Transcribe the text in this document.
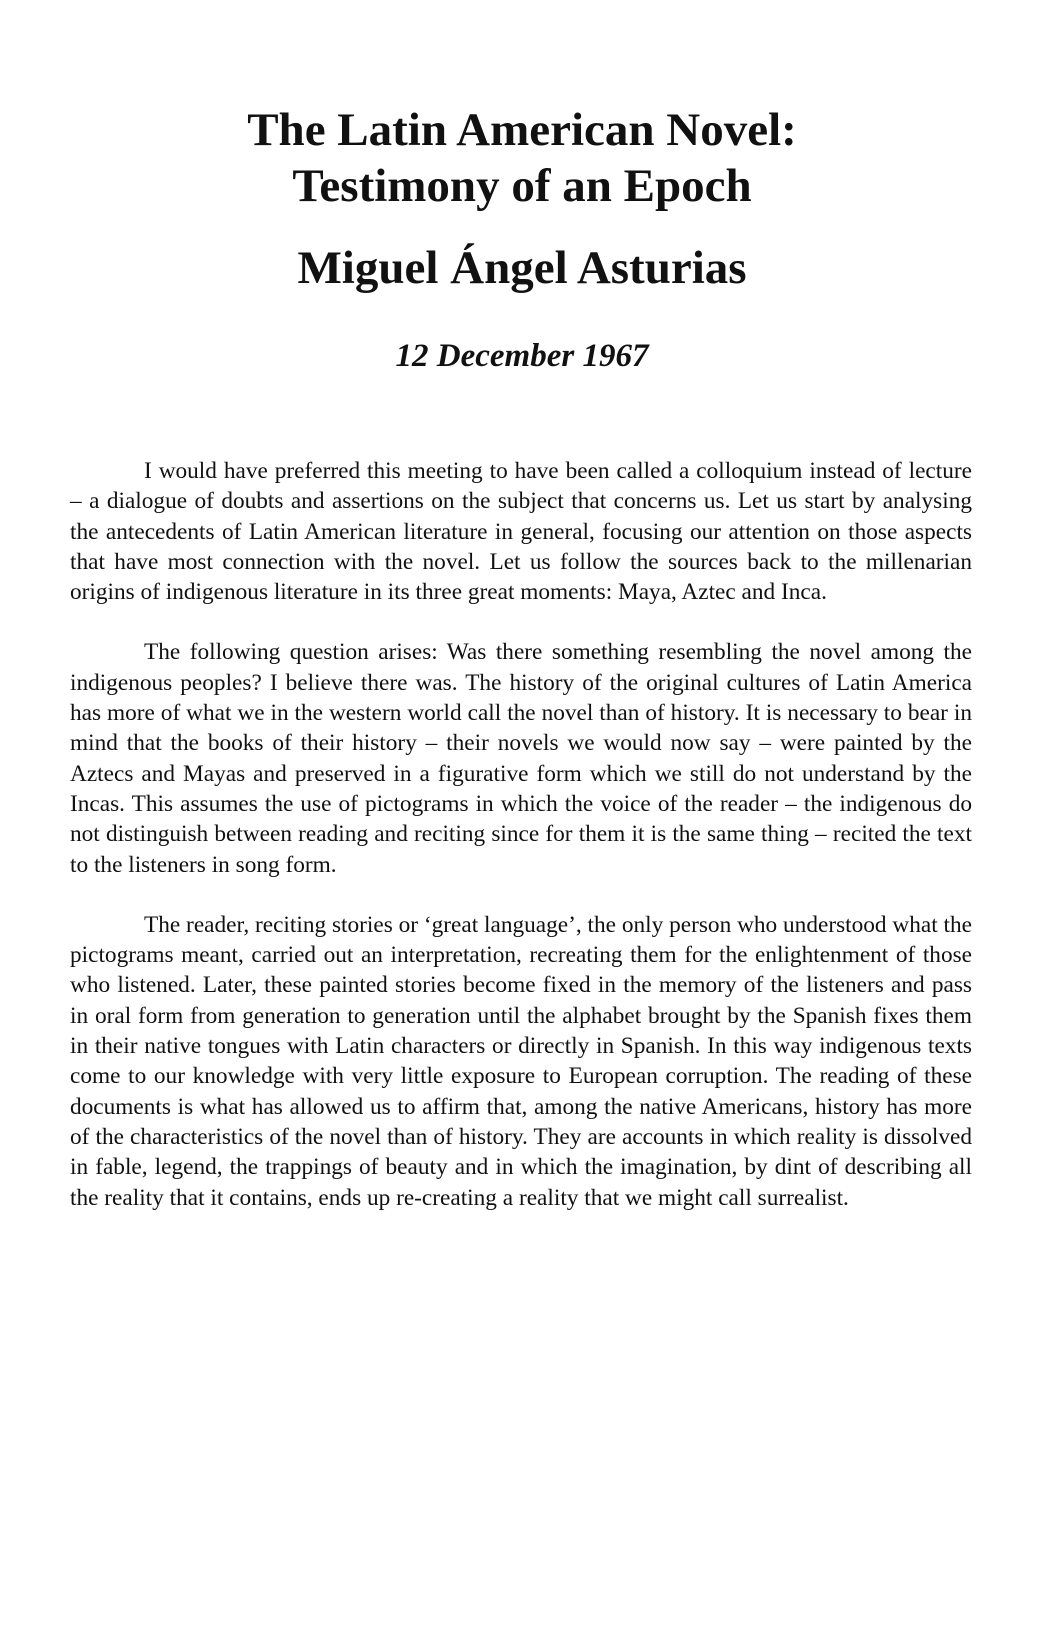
The Latin American Novel:
Testimony of an Epoch
Miguel Ángel Asturias
12 December 1967

I would have preferred this meeting to have been called a colloquium instead of lecture – a dialogue of doubts and assertions on the subject that concerns us. Let us start by analysing the antecedents of Latin American literature in general, focusing our attention on those aspects that have most connection with the novel. Let us follow the sources back to the millenarian origins of indigenous literature in its three great moments: Maya, Aztec and Inca.

The following question arises: Was there something resembling the novel among the indigenous peoples? I believe there was. The history of the original cultures of Latin America has more of what we in the western world call the novel than of history. It is necessary to bear in mind that the books of their history – their novels we would now say – were painted by the Aztecs and Mayas and preserved in a figurative form which we still do not understand by the Incas. This assumes the use of pictograms in which the voice of the reader – the indigenous do not distinguish between reading and reciting since for them it is the same thing – recited the text to the listeners in song form.

The reader, reciting stories or ‘great language’, the only person who understood what the pictograms meant, carried out an interpretation, recreating them for the enlightenment of those who listened. Later, these painted stories become fixed in the memory of the listeners and pass in oral form from generation to generation until the alphabet brought by the Spanish fixes them in their native tongues with Latin characters or directly in Spanish. In this way indigenous texts come to our knowledge with very little exposure to European corruption. The reading of these documents is what has allowed us to affirm that, among the native Americans, history has more of the characteristics of the novel than of history. They are accounts in which reality is dissolved in fable, legend, the trappings of beauty and in which the imagination, by dint of describing all the reality that it contains, ends up re-creating a reality that we might call surrealist.
